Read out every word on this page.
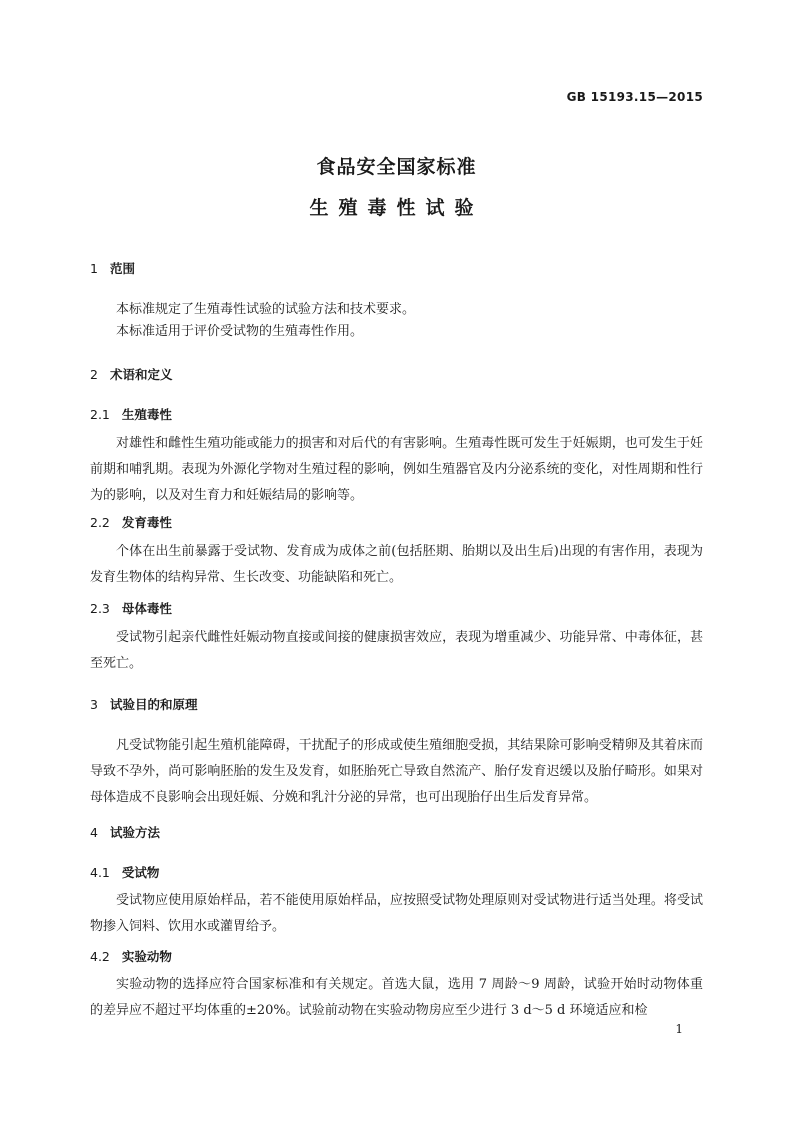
GB 15193.15—2015
食品安全国家标准
生殖毒性试验
1 范围

本标准规定了生殖毒性试验的试验方法和技术要求。

本标准适用于评价受试物的生殖毒性作用。

2 术语和定义
2.1 生殖毒性

对雄性和雌性生殖功能或能力的损害和对后代的有害影响。生殖毒性既可发生于妊娠期，也可发生于妊前期和哺乳期。表现为外源化学物对生殖过程的影响，例如生殖器官及内分泌系统的变化，对性周期和性行为的影响，以及对生育力和妊娠结局的影响等。

2.2 发育毒性

个体在出生前暴露于受试物、发育成为成体之前(包括胚期、胎期以及出生后)出现的有害作用，表现为发育生物体的结构异常、生长改变、功能缺陷和死亡。

2.3 母体毒性

受试物引起亲代雌性妊娠动物直接或间接的健康损害效应，表现为增重减少、功能异常、中毒体征，甚至死亡。

3 试验目的和原理

凡受试物能引起生殖机能障碍，干扰配子的形成或使生殖细胞受损，其结果除可影响受精卵及其着床而导致不孕外，尚可影响胚胎的发生及发育，如胚胎死亡导致自然流产、胎仔发育迟缓以及胎仔畸形。如果对母体造成不良影响会出现妊娠、分娩和乳汁分泌的异常，也可出现胎仔出生后发育异常。

4 试验方法
4.1 受试物

受试物应使用原始样品，若不能使用原始样品，应按照受试物处理原则对受试物进行适当处理。将受试物掺入饲料、饮用水或灌胃给予。

4.2 实验动物

实验动物的选择应符合国家标准和有关规定。首选大鼠，选用 7 周龄～9 周龄，试验开始时动物体重的差异应不超过平均体重的±20%。试验前动物在实验动物房应至少进行 3 d～5 d 环境适应和检

1
